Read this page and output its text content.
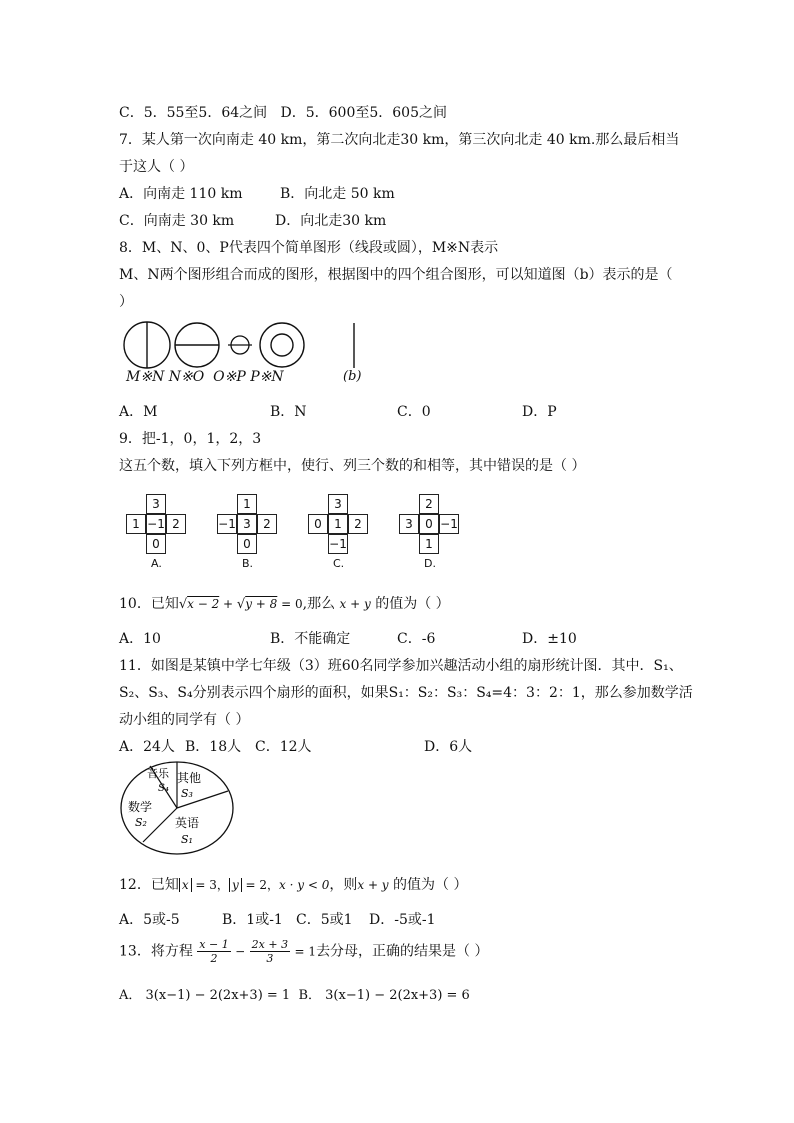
C．5．55至5．64之间 D．5．600至5．605之间
7．某人第一次向南走 40 km，第二次向北走30 km，第三次向北走 40 km.那么最后相当
于这人（ ）
A．向南走 110 km	B．向北走 50 km
C．向南走 30 km	D．向北走30 km
8．M、N、0、P代表四个简单图形（线段或圆），M※N表示
M、N两个图形组合而成的图形，根据图中的四个组合图形，可以知道图（b）表示的是（
）
M※N N※O O※P P※N	(b)
A．M	B．N	C．0	D．P
9．把-1，0，1，2，3
这五个数，填入下列方框中，使行、列三个数的和相等，其中错误的是（ ）
3
1 −1 2
0
A.
1
−1 3	2
0
B.
3
0	1	2
−1
C.
2
3	0 −1
1
D.
10．已知√x − 2 + √y + 8 = 0,那么 x + y 的值为（ ）
A．10	B．不能确定	C．-6	D．±10
11．如图是某镇中学七年级（3）班60名同学参加兴趣活动小组的扇形统计图．其中．S₁、
S₂、S₃、S₄分别表示四个扇形的面积，如果S₁：S₂：S₃：S₄=4：3：2：1，那么参加数学活
动小组的同学有（ ）
A．24人 B．18人 C．12人	D．6人
音乐
S₄
其他
S₃
数学
S₂ 英语
S₁
12．已知 x = 3， y = 2，x · y < 0，则x + y 的值为（ ）
A．5或-5	B．1或-1 C．5或1 D．-5或-1
13．将方程 $\frac{x - 1}{2} - \frac{2x + 3}{3} = 1$去分母，正确的结果是（ ）
A． 3(x−1) − 2(2x+3) = 1 B． 3(x−1) − 2(2x+3) = 6
